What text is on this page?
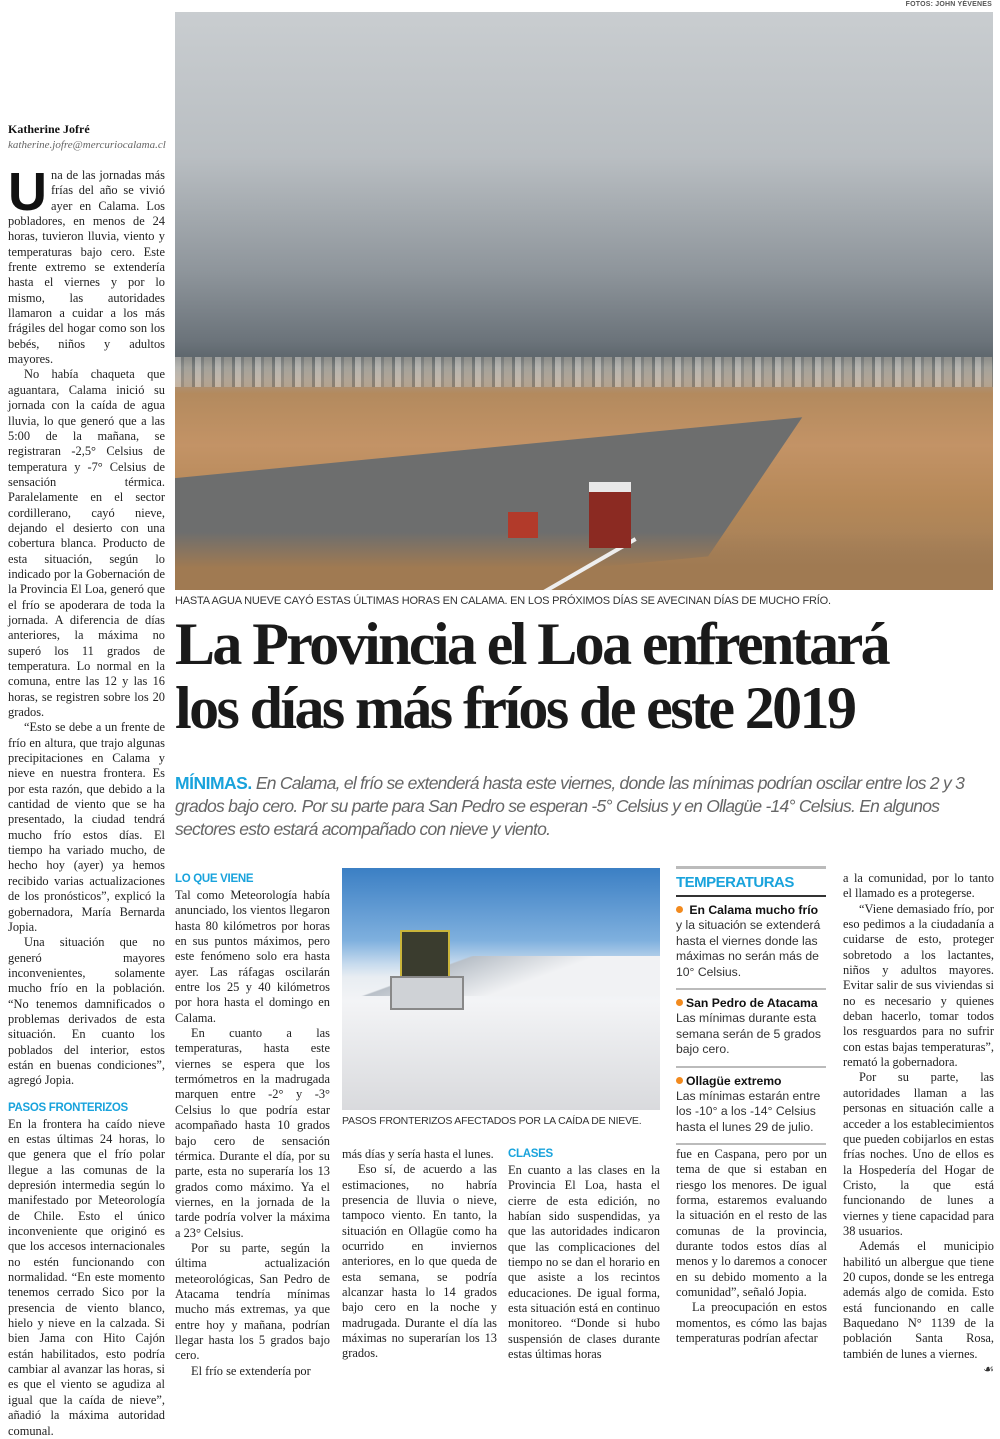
FOTOS: JOHN YÉVENES
HASTA AGUA NUEVE CAYÓ ESTAS ÚLTIMAS HORAS EN CALAMA. EN LOS PRÓXIMOS DÍAS SE AVECINAN DÍAS DE MUCHO FRÍO.
La Provincia el Loa enfrentará
los días más fríos de este 2019

MÍNIMAS. En Calama, el frío se extenderá hasta este viernes, donde las mínimas podrían oscilar entre los 2 y 3 grados bajo cero. Por su parte para San Pedro se esperan -5° Celsius y en Ollagüe -14° Celsius. En algunos sectores esto estará acompañado con nieve y viento.

Katherine Jofré
katherine.jofre@mercuriocalama.cl

Una de las jornadas más frías del año se vivió ayer en Calama. Los pobladores, en menos de 24 horas, tuvieron lluvia, viento y temperaturas bajo cero. Este frente extremo se extendería hasta el viernes y por lo mismo, las autoridades llamaron a cuidar a los más frágiles del hogar como son los bebés, niños y adultos mayores.

No había chaqueta que aguantara, Calama inició su jornada con la caída de agua lluvia, lo que generó que a las 5:00 de la mañana, se registraran -2,5° Celsius de temperatura y -7° Celsius de sensación térmica. Paralelamente en el sector cordillerano, cayó nieve, dejando el desierto con una cobertura blanca. Producto de esta situación, según lo indicado por la Gobernación de la Provincia El Loa, generó que el frío se apoderara de toda la jornada. A diferencia de días anteriores, la máxima no superó los 11 grados de temperatura. Lo normal en la comuna, entre las 12 y las 16 horas, se registren sobre los 20 grados.

“Esto se debe a un frente de frío en altura, que trajo algunas precipitaciones en Calama y nieve en nuestra frontera. Es por esta razón, que debido a la cantidad de viento que se ha presentado, la ciudad tendrá mucho frío estos días. El tiempo ha variado mucho, de hecho hoy (ayer) ya hemos recibido varias actualizaciones de los pronósticos”, explicó la gobernadora, María Bernarda Jopia.

Una situación que no generó mayores inconvenientes, solamente mucho frío en la población. “No tenemos damnificados o problemas derivados de esta situación. En cuanto los poblados del interior, estos están en buenas condiciones”, agregó Jopia.

PASOS FRONTERIZOS

En la frontera ha caído nieve en estas últimas 24 horas, lo que genera que el frío polar llegue a las comunas de la depresión intermedia según lo manifestado por Meteorología de Chile. Esto el único inconveniente que originó es que los accesos internacionales no estén funcionando con normalidad. “En este momento tenemos cerrado Sico por la presencia de viento blanco, hielo y nieve en la calzada. Si bien Jama con Hito Cajón están habilitados, esto podría cambiar al avanzar las horas, si es que el viento se agudiza al igual que la caída de nieve”, añadió la máxima autoridad comunal.

LO QUE VIENE

Tal como Meteorología había anunciado, los vientos llegaron hasta 80 kilómetros por horas en sus puntos máximos, pero este fenómeno solo era hasta ayer. Las ráfagas oscilarán entre los 25 y 40 kilómetros por hora hasta el domingo en Calama.

En cuanto a las temperaturas, hasta este viernes se espera que los termómetros en la madrugada marquen entre -2° y -3° Celsius lo que podría estar acompañado hasta 10 grados bajo cero de sensación térmica. Durante el día, por su parte, esta no superaría los 13 grados como máximo. Ya el viernes, en la jornada de la tarde podría volver la máxima a 23° Celsius.

Por su parte, según la última actualización meteorológicas, San Pedro de Atacama tendría mínimas mucho más extremas, ya que entre hoy y mañana, podrían llegar hasta los 5 grados bajo cero.

El frío se extendería por

PASOS FRONTERIZOS AFECTADOS POR LA CAÍDA DE NIEVE.

más días y sería hasta el lunes.

Eso sí, de acuerdo a las estimaciones, no habría presencia de lluvia o nieve, tampoco viento. En tanto, la situación en Ollagüe como ha ocurrido en inviernos anteriores, en lo que queda de esta semana, se podría alcanzar hasta lo 14 grados bajo cero en la noche y madrugada. Durante el día las máximas no superarían los 13 grados.

CLASES

En cuanto a las clases en la Provincia El Loa, hasta el cierre de esta edición, no habían sido suspendidas, ya que las autoridades indicaron que las complicaciones del tiempo no se dan el horario en que asiste a los recintos educaciones. De igual forma, esta situación está en continuo monitoreo. “Donde si hubo suspensión de clases durante estas últimas horas

TEMPERATURAS
En Calama mucho frío y la situación se extenderá hasta el viernes donde las máximas no serán más de 10° Celsius.
San Pedro de Atacama
Las mínimas durante esta semana serán de 5 grados bajo cero.
Ollagüe extremo
Las mínimas estarán entre los -10° a los -14° Celsius hasta el lunes 29 de julio.

fue en Caspana, pero por un tema de que si estaban en riesgo los menores. De igual forma, estaremos evaluando la situación en el resto de las comunas de la provincia, durante todos estos días al menos y lo daremos a conocer en su debido momento a la comunidad”, señaló Jopia.

La preocupación en estos momentos, es cómo las bajas temperaturas podrían afectar

a la comunidad, por lo tanto el llamado es a protegerse.

“Viene demasiado frío, por eso pedimos a la ciudadanía a cuidarse de esto, proteger sobretodo a los lactantes, niños y adultos mayores. Evitar salir de sus viviendas si no es necesario y quienes deban hacerlo, tomar todos los resguardos para no sufrir con estas bajas temperaturas”, remató la gobernadora.

Por su parte, las autoridades llaman a las personas en situación calle a acceder a los establecimientos que pueden cobijarlos en estas frías noches. Uno de ellos es la Hospedería del Hogar de Cristo, la que está funcionando de lunes a viernes y tiene capacidad para 38 usuarios.

Además el municipio habilitó un albergue que tiene 20 cupos, donde se les entrega además algo de comida. Esto está funcionando en calle Baquedano N° 1139 de la población Santa Rosa, también de lunes a viernes.
☙
